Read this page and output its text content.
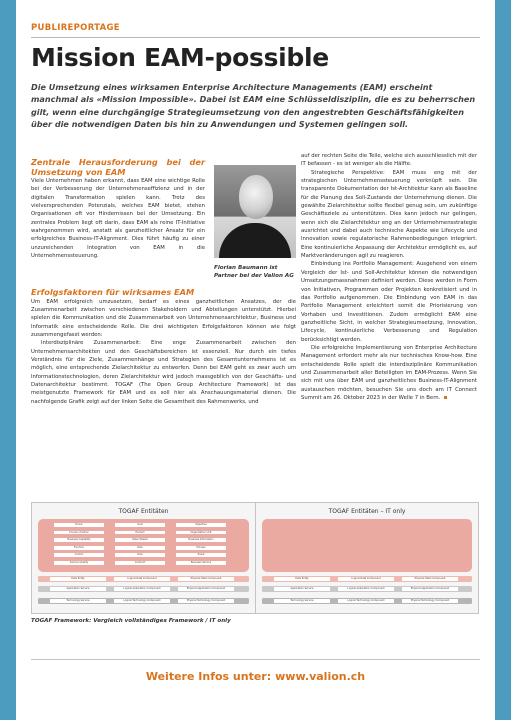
PUBLIREPORTAGE
Mission EAM-possible

Die Umsetzung eines wirksamen Enterprise Architecture Managements (EAM) erscheint manchmal als «Mission Impossible». Dabei ist EAM eine Schlüsseldisziplin, die es zu beherrschen gilt, wenn eine durchgängige Strategieumsetzung von den angestrebten Geschäftsfähigkeiten über die notwendigen Daten bis hin zu Anwendungen und Systemen gelingen soll.

Zentrale Herausforderung bei der Umsetzung von EAM

Viele Unternehmen haben erkannt, dass EAM eine wichtige Rolle bei der Verbesserung der Unternehmenseffizienz und in der digitalen Transformation spielen kann. Trotz des vielversprechenden Potenzials, welches EAM bietet, stehen Organisationen oft vor Hindernissen bei der Umsetzung. Ein zentrales Problem liegt oft darin, dass EAM als reine IT-Initiative wahrgenommen wird, anstatt als ganzheitlicher Ansatz für ein erfolgreiches Business-IT-Alignment. Dies führt häufig zu einer unzureichenden Integration von EAM in die Unternehmenssteuerung.

Florian Baumann ist Partner bei der Valion AG
Erfolgsfaktoren für wirksames EAM

Um EAM erfolgreich umzusetzen, bedarf es eines ganzheitlichen Ansatzes, der die Zusammenarbeit zwischen verschiedenen Stakeholdern und Abteilungen unterstützt. Hierbei spielen die Kommunikation und die Zusammenarbeit von Unternehmensarchitektur, Business und Informatik eine entscheidende Rolle. Die drei wichtigsten Erfolgsfaktoren können wie folgt zusammengefasst werden:

Interdisziplinäre Zusammenarbeit: Eine enge Zusammenarbeit zwischen den Unternehmensarchitekten und den Geschäftsbereichen ist essenziell. Nur durch ein tiefes Verständnis für die Ziele, Zusammenhänge und Strategien des Gesamtunternehmens ist es möglich, eine entsprechende Zielarchitektur zu entwerfen. Denn bei EAM geht es zwar auch um Informationstechnologien, deren Zielarchitektur wird jedoch massgeblich von der Geschäfts- und Datenarchitektur bestimmt. TOGAF (The Open Group Architecture Framework) ist das meistgenutzte Framework für EAM und es soll hier als Anschauungsmaterial dienen. Die nachfolgende Grafik zeigt auf der linken Seite die Gesamtheit des Rahmenwerks, und

auf der rechten Seite die Teile, welche sich ausschliesslich mit der IT befassen - es ist weniger als die Hälfte.

Strategische Perspektive: EAM muss eng mit der strategischen Unternehmenssteuerung verknüpft sein. Die transparente Dokumentation der Ist-Architektur kann als Baseline für die Planung des Soll-Zustands der Unternehmung dienen. Die gewählte Zielarchitektur sollte flexibel genug sein, um zukünftige Geschäftsziele zu unterstützen. Dies kann jedoch nur gelingen, wenn sich die Zielarchitektur eng an der Unternehmensstrategie ausrichtet und dabei auch technische Aspekte wie Lifecycle und Innovation sowie regulatorische Rahmenbedingungen integriert. Eine kontinuierliche Anpassung der Architektur ermöglicht es, auf Marktveränderungen agil zu reagieren.

Einbindung ins Portfolio Management: Ausgehend von einem Vergleich der Ist- und Soll-Architektur können die notwendigen Umsetzungsmassnahmen definiert werden. Diese werden in Form von Initiativen, Programmen oder Projekten konkretisiert und in das Portfolio aufgenommen. Die Einbindung von EAM in das Portfolio Management erleichtert somit die Priorisierung von Vorhaben und Investitionen. Zudem ermöglicht EAM eine ganzheitliche Sicht, in welcher Strategieumsetzung, Innovation, Lifecycle, kontinuierliche Verbesserung und Regulation berücksichtigt werden.

Die erfolgreiche Implementierung von Enterprise Architecture Management erfordert mehr als nur technisches Know-how. Eine entscheidende Rolle spielt die interdisziplinäre Kommunikation und Zusammenarbeit aller Beteiligten im EAM-Prozess. Wenn Sie sich mit uns über EAM und ganzheitliches Business-IT-Alignment austauschen möchten, besuchen Sie uns doch am IT Connect Summit am 26. Oktober 2023 in der Welle 7 in Bern.

TOGAF Entitäten
Driver	Goal	Objective
Course of Action	Product	Organization Unit
Business Capability	Value Stream	Business Information
Function	Role	Process
Control	Role	Event
Service Quality	Contract	Business Service
Data Entity	Logical Data Component	Physical Data Component
Application Service	Logical Application Component	Physical Application Component
Technology Service	Logical Technology Component	Physical Technology Component
TOGAF Entitäten – IT only
Data Entity	Logical Data Component	Physical Data Component
Application Service	Logical Application Component	Physical Application Component
Technology Service	Logical Technology Component	Physical Technology Component
TOGAF Framework: Vergleich vollständiges Framework / IT only
Weitere Infos unter: www.valion.ch
